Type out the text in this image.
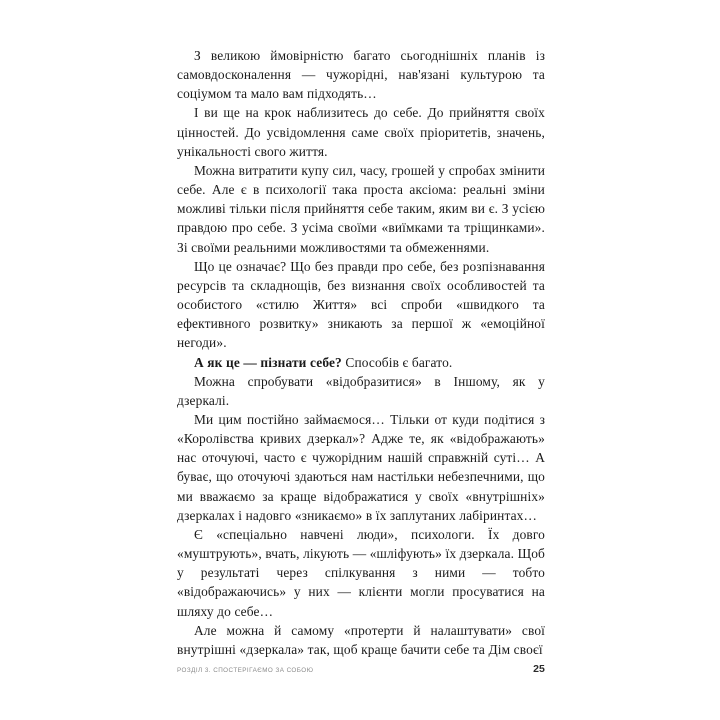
З великою ймовірністю багато сьогоднішніх планів із самовдосконалення — чужорідні, нав'язані культурою та соціумом та мало вам підходять…

І ви ще на крок наблизитесь до себе. До прийняття своїх цінностей. До усвідомлення саме своїх пріоритетів, значень, унікальності свого життя.

Можна витратити купу сил, часу, грошей у спробах змінити себе. Але є в психології така проста аксіома: реальні зміни можливі тільки після прийняття себе таким, яким ви є. З усією правдою про себе. З усіма своїми «виїмками та тріщинками». Зі своїми реальними можливостями та обмеженнями.

Що це означає? Що без правди про себе, без розпізнавання ресурсів та складнощів, без визнання своїх особливостей та особистого «стилю Життя» всі спроби «швидкого та ефективного розвитку» зникають за першої ж «емоційної негоди».

А як це — пізнати себе? Способів є багато.

Можна спробувати «відобразитися» в Іншому, як у дзеркалі.

Ми цим постійно займаємося… Тільки от куди подітися з «Королівства кривих дзеркал»? Адже те, як «відображають» нас оточуючі, часто є чужорідним нашій справжній суті… А буває, що оточуючі здаються нам настільки небезпечними, що ми вважаємо за краще відображатися у своїх «внутрішніх» дзеркалах і надовго «зникаємо» в їх заплутаних лабіринтах…

Є «спеціально навчені люди», психологи. Їх довго «муштрують», вчать, лікують — «шліфують» їх дзеркала. Щоб у результаті через спілкування з ними — тобто «відображаючись» у них — клієнти могли просуватися на шляху до себе…

Але можна й самому «протерти й налаштувати» свої внутрішні «дзеркала» так, щоб краще бачити себе та Дім своєї

РОЗДІЛ 3. СПОСТЕРІГАЄМО ЗА СОБОЮ	25
